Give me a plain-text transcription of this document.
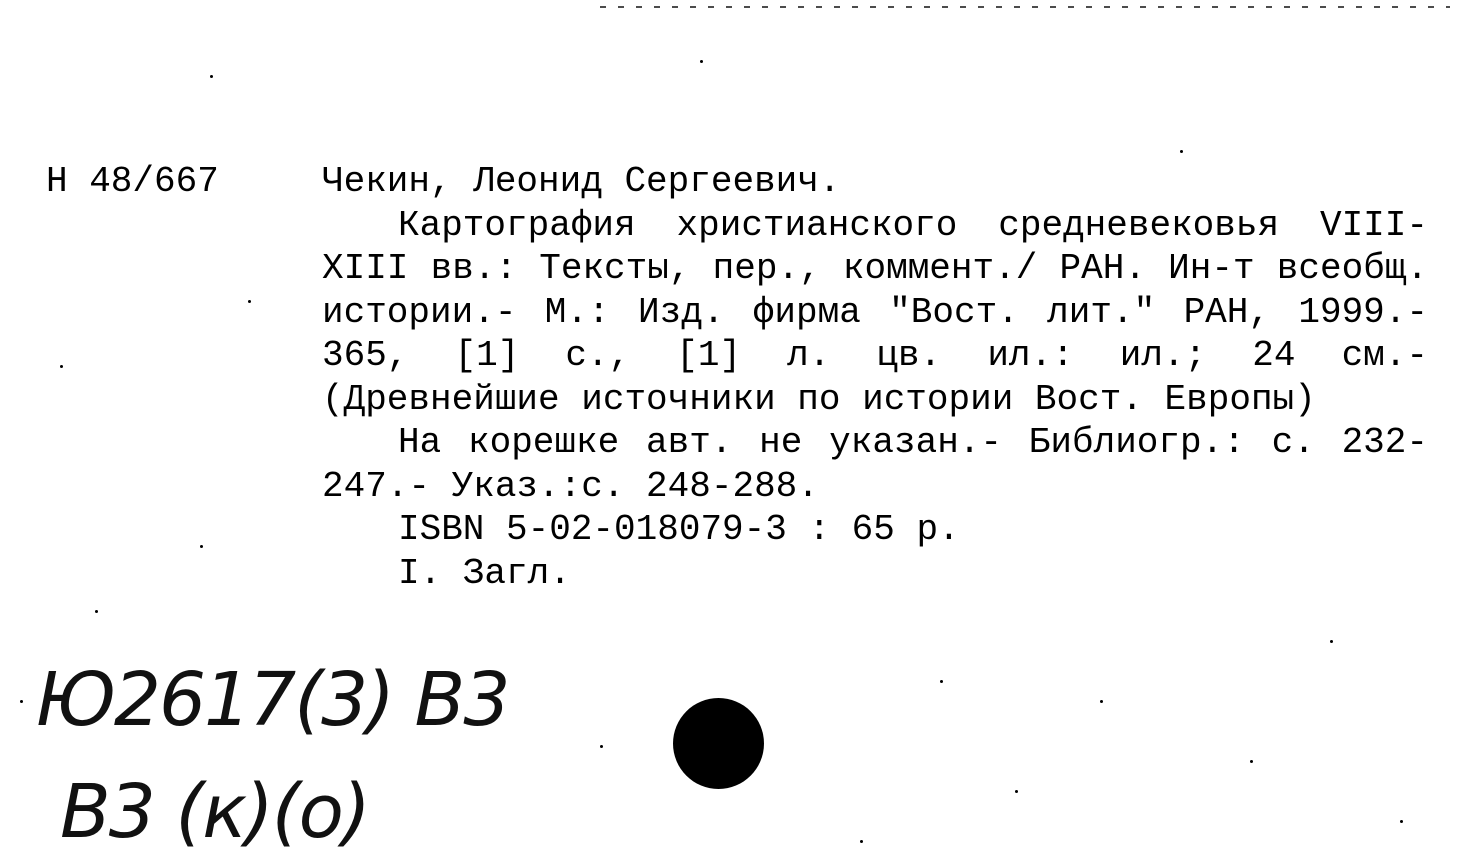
Н 48/667	Чекин, Леонид Сергеевич.

Картография христианского средневековья VIII- XIII вв.: Тексты, пер., коммент./ РАН. Ин-т всеобщ. истории.- М.: Изд. фирма "Вост. лит." РАН, 1999.- 365, [1] с., [1] л. цв. ил.: ил.; 24 см.- (Древнейшие источники по истории Вост. Европы)

На корешке авт. не указан.- Библиогр.: с. 232-247.- Указ.:с. 248-288.

ISBN 5-02-018079-3 : 65 р.

I. Загл.

Ю2617(3) В3
В3 (к)(о)
